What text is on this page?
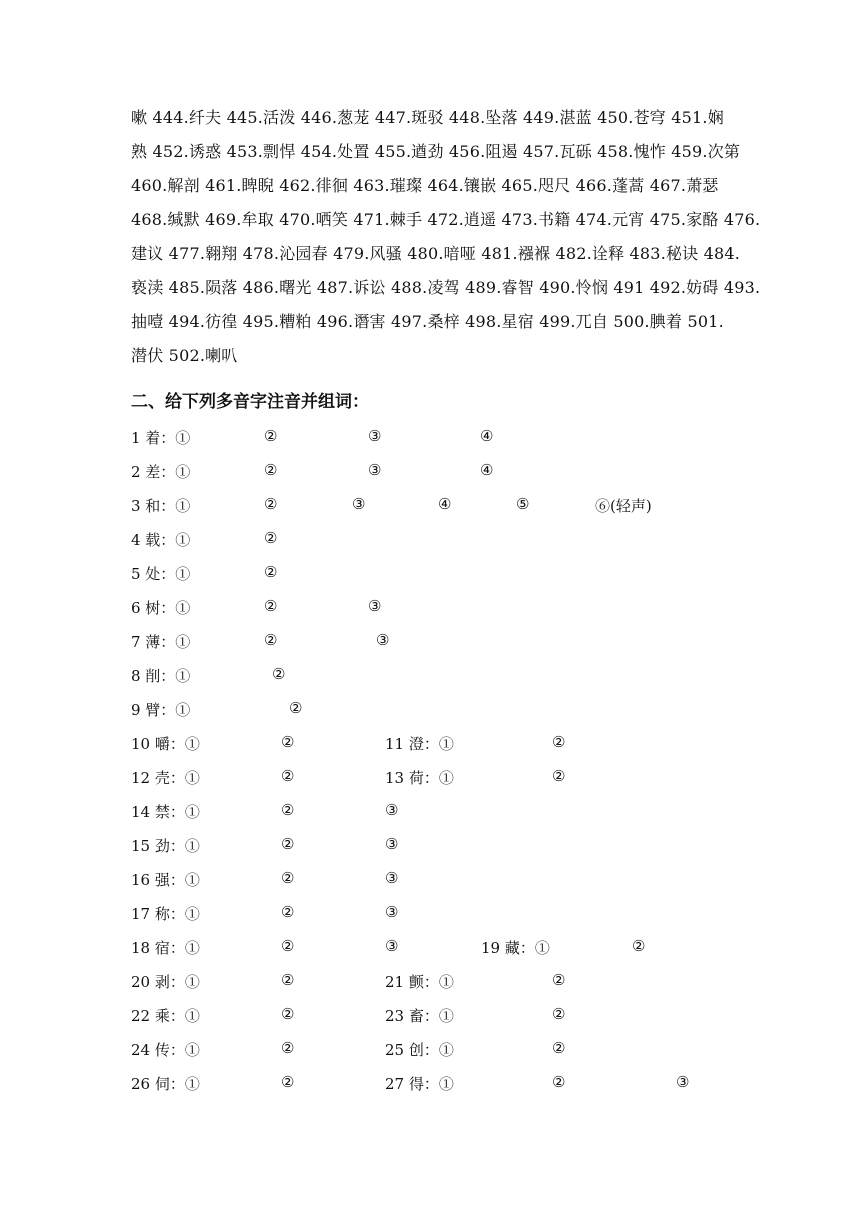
嗽 444.纤夫 445.活泼 446.葱茏 447.斑驳 448.坠落 449.湛蓝 450.苍穹 451.娴
熟 452.诱惑 453.剽悍 454.处置 455.遒劲 456.阻遏 457.瓦砾 458.愧怍 459.次第
460.解剖 461.睥睨 462.徘徊 463.璀璨 464.镶嵌 465.咫尺 466.蓬蒿 467.萧瑟
468.缄默 469.牟取 470.哂笑 471.棘手 472.逍遥 473.书籍 474.元宵 475.家酪 476.
建议 477.翱翔 478.沁园春 479.风骚 480.喑哑 481.襁褓 482.诠释 483.秘诀 484.
亵渎 485.陨落 486.曙光 487.诉讼 488.凌驾 489.睿智 490.怜悯 491 492.妨碍 493.
抽噎 494.彷徨 495.糟粕 496.谮害 497.桑梓 498.星宿 499.兀自 500.腆着 501.
潜伏 502.喇叭
二、给下列多音字注音并组词：
1 着：①	②	③	④
2 差：①	②	③	④
3 和：①	②	③	④	⑤	⑥(轻声)
4 载：①	②
5 处：①	②
6 树：①	②	③
7 薄：①	②	③
8 削：①	②
9 臂：①	②
10 嚼：①	②	11 澄：①	②
12 壳：①	②	13 荷：①	②
14 禁：①	②	③
15 劲：①	②	③
16 强：①	②	③
17 称：①	②	③
18 宿：①	②	③	19 藏：①	②
20 剥：①	②	21 颤：①	②
22 乘：①	②	23 畜：①	②
24 传：①	②	25 创：①	②
26 伺：①	②	27 得：①	②	③
